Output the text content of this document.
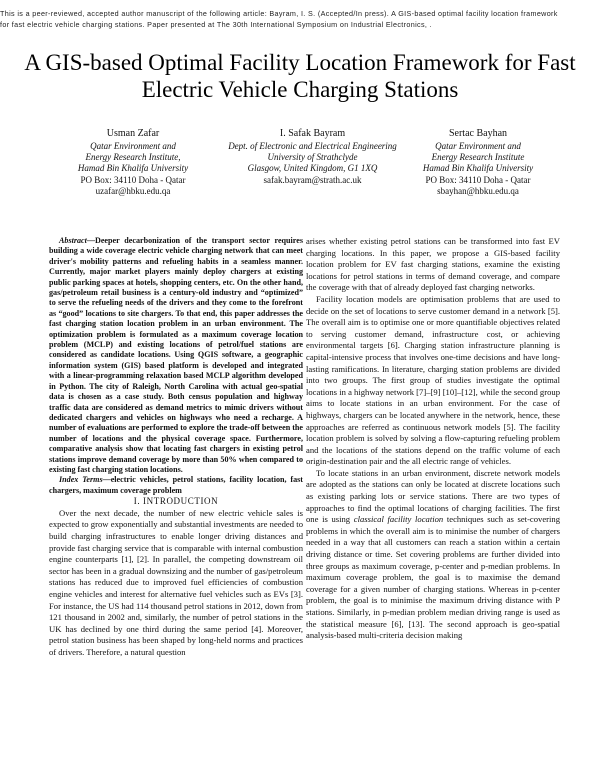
This is a peer-reviewed, accepted author manuscript of the following article: Bayram, I. S. (Accepted/In press). A GIS-based optimal facility location framework for fast electric vehicle charging stations. Paper presented at The 30th International Symposium on Industrial Electronics, .
A GIS-based Optimal Facility Location Framework for Fast Electric Vehicle Charging Stations
Usman Zafar
Qatar Environment and
Energy Research Institute,
Hamad Bin Khalifa University
PO Box: 34110 Doha - Qatar
uzafar@hbku.edu.qa
I. Safak Bayram
Dept. of Electronic and Electrical Engineering
University of Strathclyde
Glasgow, United Kingdom, G1 1XQ
safak.bayram@strath.ac.uk
Sertac Bayhan
Qatar Environment and
Energy Research Institute
Hamad Bin Khalifa University
PO Box: 34110 Doha - Qatar
sbayhan@hbku.edu.qa

Abstract—Deeper decarbonization of the transport sector requires building a wide coverage electric vehicle charging network that can meet driver's mobility patterns and refueling habits in a seamless manner. Currently, major market players mainly deploy chargers at existing public parking spaces at hotels, shopping centers, etc. On the other hand, gas/petroleum retail business is a century-old industry and “optimized” to serve the refueling needs of the drivers and they come to the forefront as “good” locations to site chargers. To that end, this paper addresses the fast charging station location problem in an urban environment. The optimization problem is formulated as a maximum coverage location problem (MCLP) and existing locations of petrol/fuel stations are considered as candidate locations. Using QGIS software, a geographic information system (GIS) based platform is developed and integrated with a linear-programming relaxation based MCLP algorithm developed in Python. The city of Raleigh, North Carolina with actual geo-spatial data is chosen as a case study. Both census population and highway traffic data are considered as demand metrics to mimic drivers without dedicated chargers and vehicles on highways who need a recharge. A number of evaluations are performed to explore the trade-off between the number of locations and the physical coverage space. Furthermore, comparative analysis show that locating fast chargers in existing petrol stations improve demand coverage by more than 50% when compared to existing fast charging station locations.

Index Terms—electric vehicles, petrol stations, facility location, fast chargers, maximum coverage problem

I. INTRODUCTION

Over the next decade, the number of new electric vehicle sales is expected to grow exponentially and substantial investments are needed to build charging infrastructures to enable longer driving distances and provide fast charging service that is comparable with internal combustion engine counterparts [1], [2]. In parallel, the competing downstream oil sector has been in a gradual downsizing and the number of gas/petroleum stations has reduced due to improved fuel efficiencies of combustion engine vehicles and interest for alternative fuel vehicles such as EVs [3]. For instance, the US had 114 thousand petrol stations in 2012, down from 121 thousand in 2002 and, similarly, the number of petrol stations in the UK has declined by one third during the same period [4]. Moreover, petrol station business has been shaped by long-held norms and practices of drivers. Therefore, a natural question

arises whether existing petrol stations can be transformed into fast EV charging locations. In this paper, we propose a GIS-based facility location problem for EV fast charging stations, examine the existing locations for petrol stations in terms of demand coverage, and compare the coverage with that of already deployed fast charging networks.

Facility location models are optimisation problems that are used to decide on the set of locations to serve customer demand in a network [5]. The overall aim is to optimise one or more quantifiable objectives related to serving customer demand, infrastructure cost, or achieving environmental targets [6]. Charging station infrastructure planning is capital-intensive process that involves one-time decisions and have long-lasting ramifications. In literature, charging station problems are divided into two groups. The first group of studies investigate the optimal locations in a highway network [7]–[9] [10]–[12], while the second group aims to locate stations in an urban environment. For the case of highways, chargers can be located anywhere in the network, hence, these approaches are referred as continuous network models [5]. The facility location problem is solved by solving a flow-capturing refueling problem and the locations of the stations depend on the traffic volume of each origin-destination pair and the all electric range of vehicles.

To locate stations in an urban environment, discrete network models are adopted as the stations can only be located at discrete locations such as existing parking lots or service stations. There are two types of approaches to find the optimal locations of charging facilities. The first one is using classical facility location techniques such as set-covering problems in which the overall aim is to minimise the number of chargers needed in a way that all customers can reach a station within a certain driving distance or time. Set covering problems are further divided into three groups as maximum coverage, p-center and p-median problems. In maximum coverage problem, the goal is to maximise the demand coverage for a given number of charging stations. Whereas in p-center problem, the goal is to minimise the maximum driving distance with P stations. Similarly, in p-median problem median driving range is used as the statistical measure [6], [13]. The second approach is geo-spatial analysis-based multi-criteria decision making
